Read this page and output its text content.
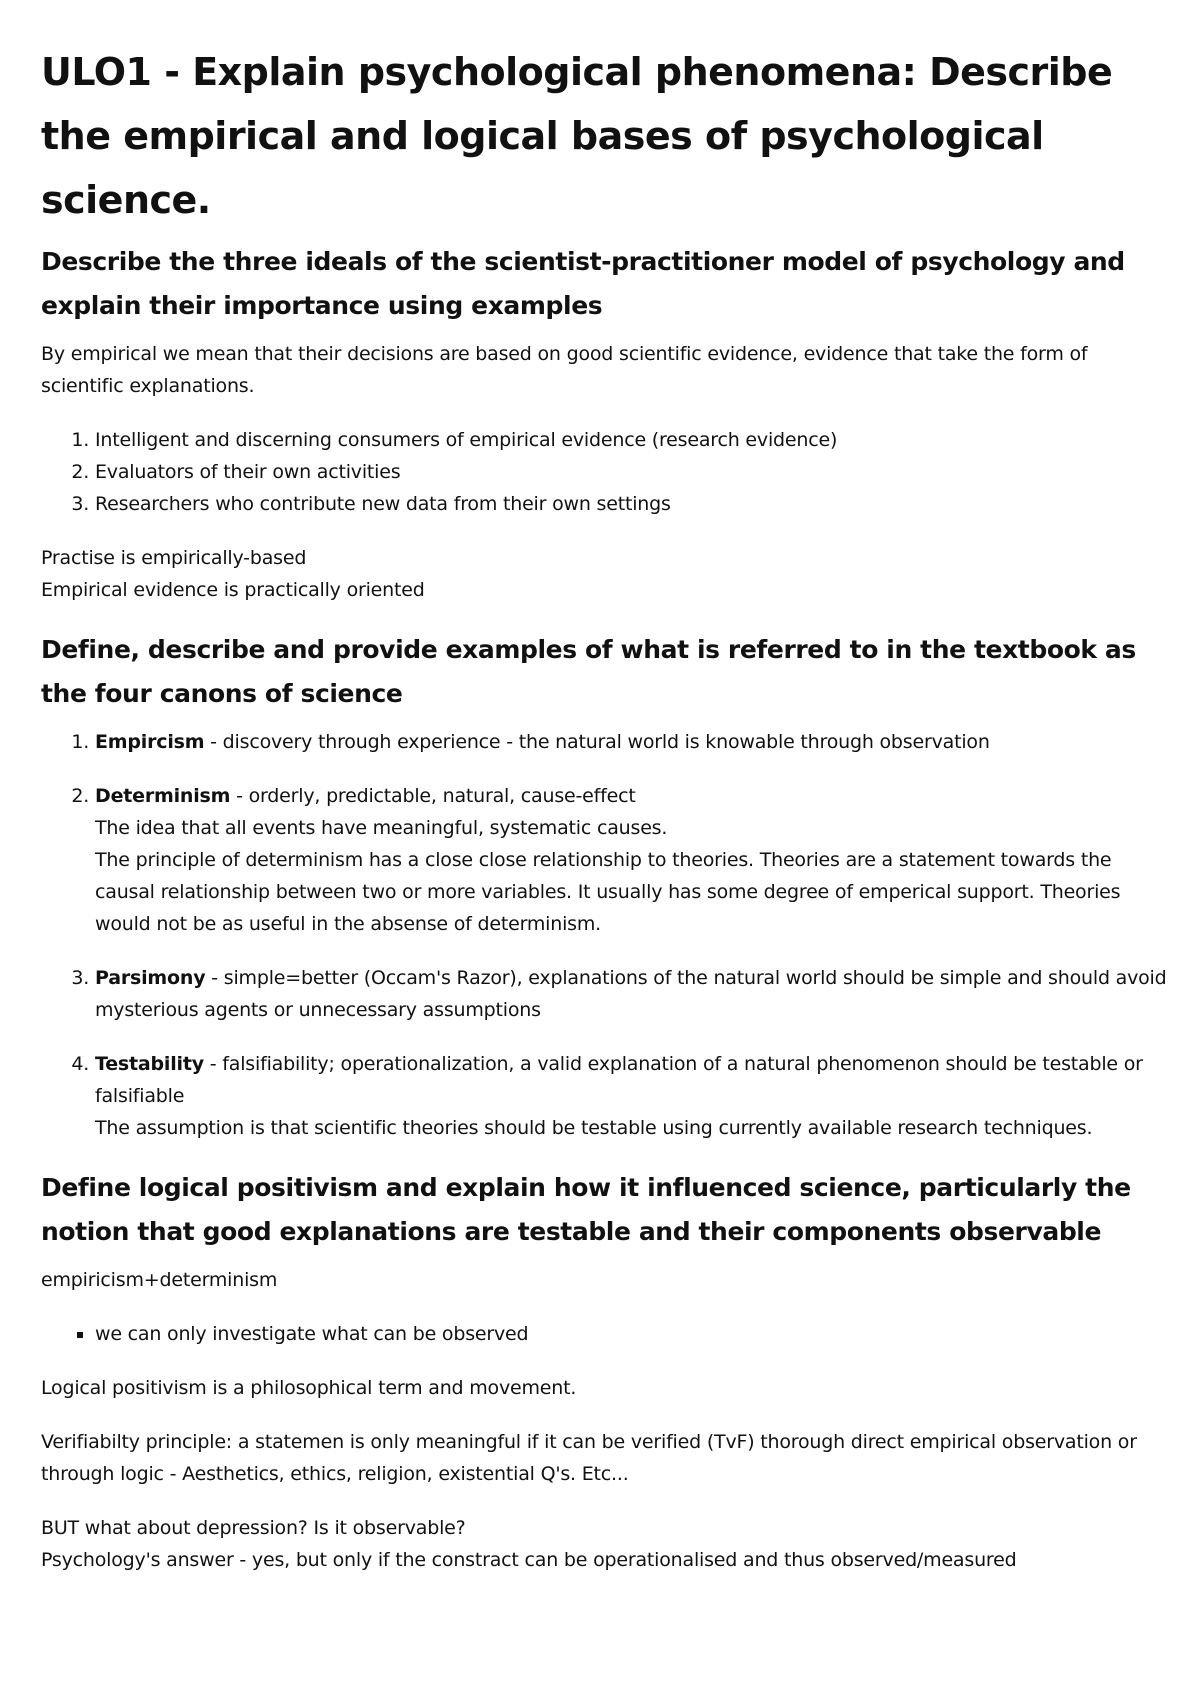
ULO1 - Explain psychological phenomena: Describe the empirical and logical bases of psychological science.
Describe the three ideals of the scientist-practitioner model of psychology and explain their importance using examples

By empirical we mean that their decisions are based on good scientific evidence, evidence that take the form of scientific explanations.

1. Intelligent and discerning consumers of empirical evidence (research evidence)
2. Evaluators of their own activities
3. Researchers who contribute new data from their own settings
Practise is empirically-based
Empirical evidence is practically oriented
Define, describe and provide examples of what is referred to in the textbook as the four canons of science
1. Empircism - discovery through experience - the natural world is knowable through observation
2. Determinism - orderly, predictable, natural, cause-effect
The idea that all events have meaningful, systematic causes.
The principle of determinism has a close close relationship to theories. Theories are a statement towards the causal relationship between two or more variables. It usually has some degree of emperical support. Theories would not be as useful in the absense of determinism.
3. Parsimony - simple=better (Occam's Razor), explanations of the natural world should be simple and should avoid mysterious agents or unnecessary assumptions
4. Testability - falsifiability; operationalization, a valid explanation of a natural phenomenon should be testable or falsifiable
The assumption is that scientific theories should be testable using currently available research techniques.
Define logical positivism and explain how it influenced science, particularly the notion that good explanations are testable and their components observable

empiricism+determinism

▪ we can only investigate what can be observed

Logical positivism is a philosophical term and movement.

Verifiabilty principle: a statemen is only meaningful if it can be verified (TvF) thorough direct empirical observation or through logic - Aesthetics, ethics, religion, existential Q's. Etc...

BUT what about depression? Is it observable?
Psychology's answer - yes, but only if the constract can be operationalised and thus observed/measured
